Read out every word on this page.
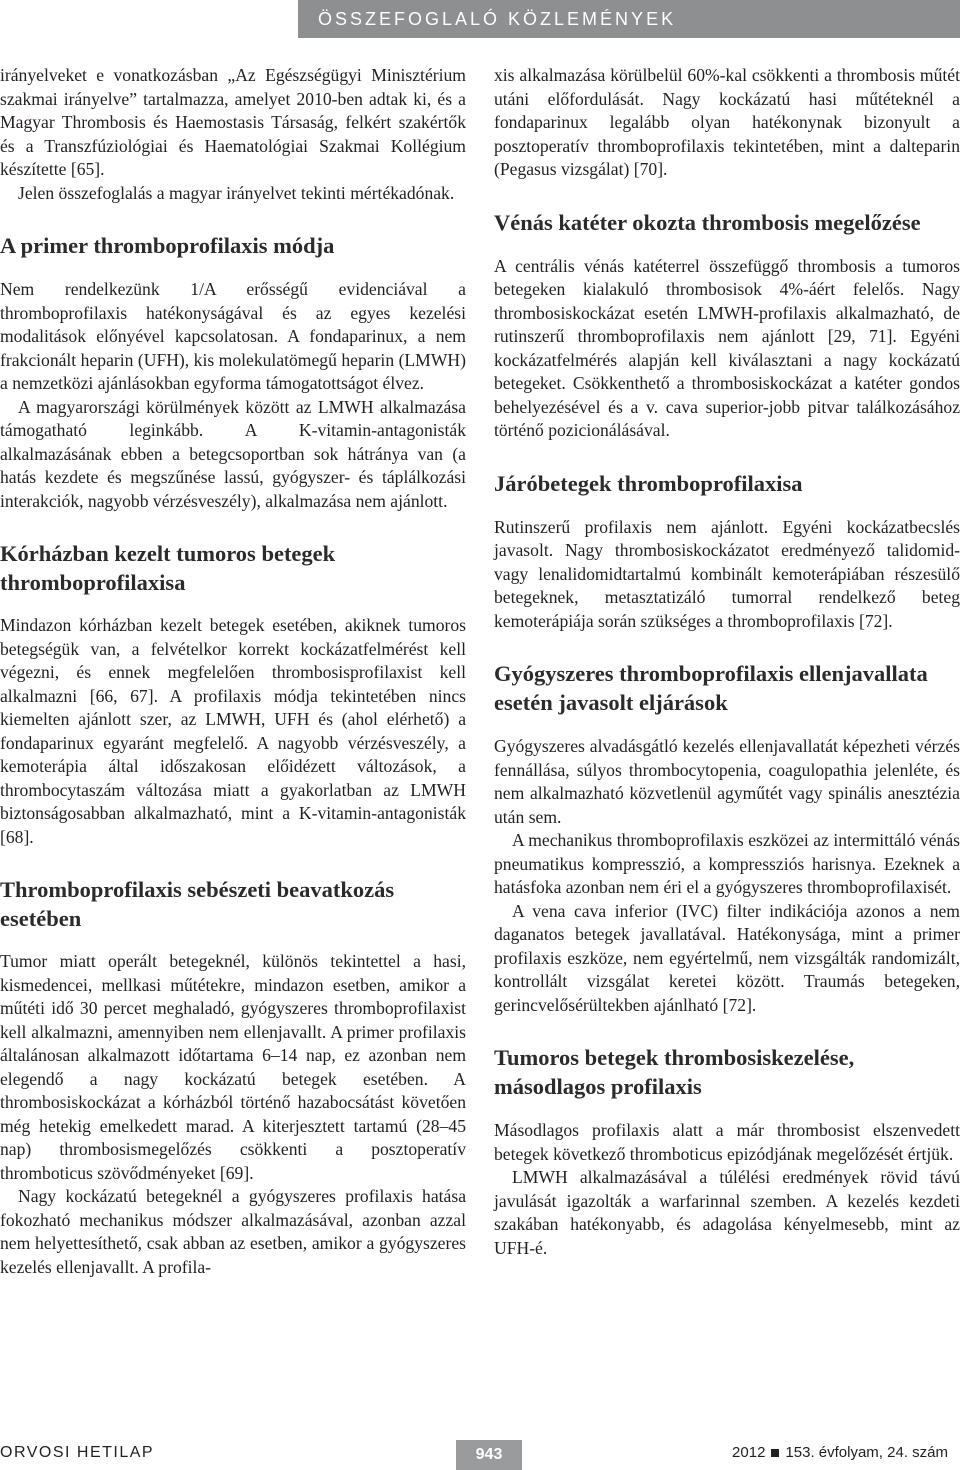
ÖSSZEFOGLALÓ KÖZLEMÉNYEK

irányelveket e vonatkozásban „Az Egészségügyi Minisztérium szakmai irányelve” tartalmazza, amelyet 2010-ben adtak ki, és a Magyar Thrombosis és Haemostasis Társaság, felkért szakértők és a Transzfúziológiai és Haematológiai Szakmai Kollégium készítette [65].

Jelen összefoglalás a magyar irányelvet tekinti mértékadónak.

A primer thromboprofilaxis módja

Nem rendelkezünk 1/A erősségű evidenciával a thromboprofilaxis hatékonyságával és az egyes kezelési modalitások előnyével kapcsolatosan. A fondaparinux, a nem frakcionált heparin (UFH), kis molekulatömegű heparin (LMWH) a nemzetközi ajánlásokban egyforma támogatottságot élvez.

A magyarországi körülmények között az LMWH alkalmazása támogatható leginkább. A K-vitamin-antagonisták alkalmazásának ebben a betegcsoportban sok hátránya van (a hatás kezdete és megszűnése lassú, gyógyszer- és táplálkozási interakciók, nagyobb vérzésveszély), alkalmazása nem ajánlott.

Kórházban kezelt tumoros betegek thromboprofilaxisa

Mindazon kórházban kezelt betegek esetében, akiknek tumoros betegségük van, a felvételkor korrekt kockázatfelmérést kell végezni, és ennek megfelelően thrombosisprofilaxist kell alkalmazni [66, 67]. A profilaxis módja tekintetében nincs kiemelten ajánlott szer, az LMWH, UFH és (ahol elérhető) a fondaparinux egyaránt megfelelő. A nagyobb vérzésveszély, a kemoterápia által időszakosan előidézett változások, a thrombocytaszám változása miatt a gyakorlatban az LMWH biztonságosabban alkalmazható, mint a K-vitamin-antagonisták [68].

Thromboprofilaxis sebészeti beavatkozás esetében

Tumor miatt operált betegeknél, különös tekintettel a hasi, kismedencei, mellkasi műtétekre, mindazon esetben, amikor a műtéti idő 30 percet meghaladó, gyógyszeres thromboprofilaxist kell alkalmazni, amennyiben nem ellenjavallt. A primer profilaxis általánosan alkalmazott időtartama 6–14 nap, ez azonban nem elegendő a nagy kockázatú betegek esetében. A thrombosiskockázat a kórházból történő hazabocsátást követően még hetekig emelkedett marad. A kiterjesztett tartamú (28–45 nap) thrombosismegelőzés csökkenti a posztoperatív thromboticus szövődményeket [69].

Nagy kockázatú betegeknél a gyógyszeres profilaxis hatása fokozható mechanikus módszer alkalmazásával, azonban azzal nem helyettesíthető, csak abban az esetben, amikor a gyógyszeres kezelés ellenjavallt. A profila-

xis alkalmazása körülbelül 60%-kal csökkenti a thrombosis műtét utáni előfordulását. Nagy kockázatú hasi műtéteknél a fondaparinux legalább olyan hatékonynak bizonyult a posztoperatív thromboprofilaxis tekintetében, mint a dalteparin (Pegasus vizsgálat) [70].

Vénás katéter okozta thrombosis megelőzése

A centrális vénás katéterrel összefüggő thrombosis a tumoros betegeken kialakuló thrombosisok 4%-áért felelős. Nagy thrombosiskockázat esetén LMWH-profilaxis alkalmazható, de rutinszerű thromboprofilaxis nem ajánlott [29, 71]. Egyéni kockázatfelmérés alapján kell kiválasztani a nagy kockázatú betegeket. Csökkenthető a thrombosiskockázat a katéter gondos behelyezésével és a v. cava superior-jobb pitvar találkozásához történő pozicionálásával.

Járóbetegek thromboprofilaxisa

Rutinszerű profilaxis nem ajánlott. Egyéni kockázatbecslés javasolt. Nagy thrombosiskockázatot eredményező talidomid- vagy lenalidomidtartalmú kombinált kemoterápiában részesülő betegeknek, metasztatizáló tumorral rendelkező beteg kemoterápiája során szükséges a thromboprofilaxis [72].

Gyógyszeres thromboprofilaxis ellenjavallata esetén javasolt eljárások

Gyógyszeres alvadásgátló kezelés ellenjavallatát képezheti vérzés fennállása, súlyos thrombocytopenia, coagulopathia jelenléte, és nem alkalmazható közvetlenül agyműtét vagy spinális anesztézia után sem.

A mechanikus thromboprofilaxis eszközei az intermittáló vénás pneumatikus kompresszió, a kompressziós harisnya. Ezeknek a hatásfoka azonban nem éri el a gyógyszeres thromboprofilaxisét.

A vena cava inferior (IVC) filter indikációja azonos a nem daganatos betegek javallatával. Hatékonysága, mint a primer profilaxis eszköze, nem egyértelmű, nem vizsgálták randomizált, kontrollált vizsgálat keretei között. Traumás betegeken, gerincvelősérültekben ajánlható [72].

Tumoros betegek thrombosiskezelése, másodlagos profilaxis

Másodlagos profilaxis alatt a már thrombosist elszenvedett betegek következő thromboticus epizódjának megelőzését értjük.

LMWH alkalmazásával a túlélési eredmények rövid távú javulását igazolták a warfarinnal szemben. A kezelés kezdeti szakában hatékonyabb, és adagolása kényelmesebb, mint az UFH-é.

ORVOSI HETILAP	943	2012 153. évfolyam, 24. szám
